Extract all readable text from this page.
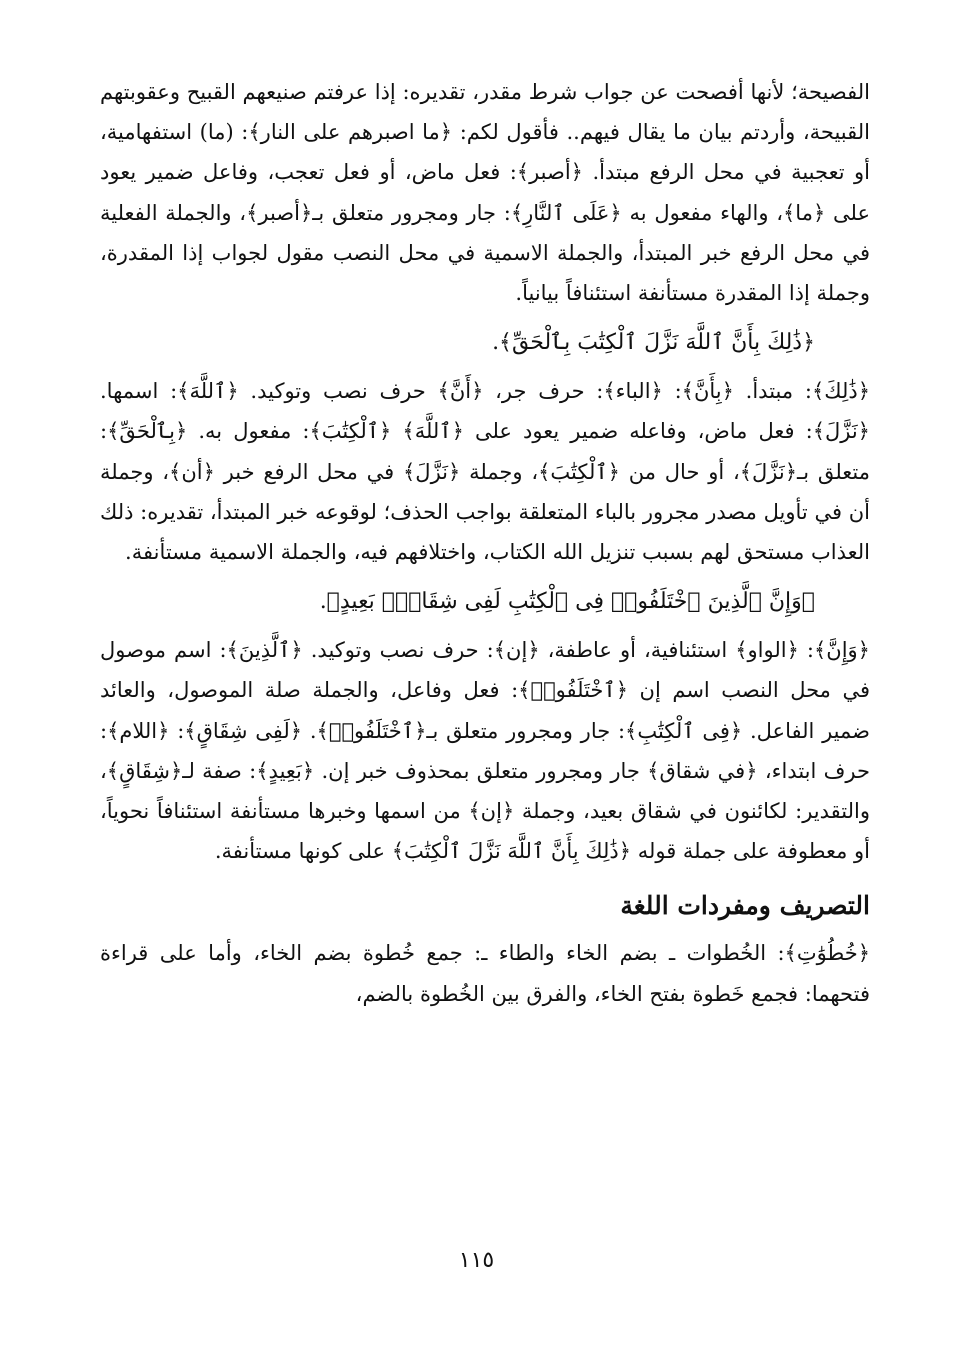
الفصيحة؛ لأنها أفصحت عن جواب شرط مقدر، تقديره: إذا عرفتم صنيعهم القبيح وعقوبتهم القبيحة، وأردتم بيان ما يقال فيهم.. فأقول لكم: ﴿ما اصبرهم على النار﴾: (ما) استفهامية، أو تعجبية في محل الرفع مبتدأ. ﴿أصبر﴾: فعل ماض، أو فعل تعجب، وفاعل ضمير يعود على ﴿ما﴾، والهاء مفعول به ﴿عَلَى ٱلنَّارِ﴾: جار ومجرور متعلق بـ﴿أصبر﴾، والجملة الفعلية في محل الرفع خبر المبتدأ، والجملة الاسمية في محل النصب مقول لجواب إذا المقدرة، وجملة إذا المقدرة مستأنفة استئنافاً بيانياً.

﴿ذَٰلِكَ بِأَنَّ ٱللَّهَ نَزَّلَ ٱلْكِتَٰبَ بِٱلْحَقِّ﴾.

﴿ذَٰلِكَ﴾: مبتدأ. ﴿بِأَنَّ﴾: ﴿الباء﴾: حرف جر، ﴿أَنَّ﴾ حرف نصب وتوكيد. ﴿ٱللَّهَ﴾: اسمها. ﴿نَزَّلَ﴾: فعل ماض، وفاعله ضمير يعود على ﴿ٱللَّهَ﴾ ﴿ٱلْكِتَٰبَ﴾: مفعول به. ﴿بِٱلْحَقِّ﴾: متعلق بـ﴿نَزَّلَ﴾، أو حال من ﴿ٱلْكِتَٰبَ﴾، وجملة ﴿نَزَّلَ﴾ في محل الرفع خبر ﴿أن﴾، وجملة أن في تأويل مصدر مجرور بالباء المتعلقة بواجب الحذف؛ لوقوعه خبر المبتدأ، تقديره: ذلك العذاب مستحق لهم بسبب تنزيل الله الكتاب، واختلافهم فيه، والجملة الاسمية مستأنفة.

﴿وَإِنَّ ٱلَّذِينَ ٱخْتَلَفُوا۟ فِى ٱلْكِتَٰبِ لَفِى شِقَاقٍۭ بَعِيدٍ﴾.

﴿وَإِنَّ﴾: ﴿الواو﴾ استئنافية، أو عاطفة، ﴿إن﴾: حرف نصب وتوكيد. ﴿ٱلَّذِينَ﴾: اسم موصول في محل النصب اسم إن ﴿ٱخْتَلَفُوا۟﴾: فعل وفاعل، والجملة صلة الموصول، والعائد ضمير الفاعل. ﴿فِى ٱلْكِتَٰبِ﴾: جار ومجرور متعلق بـ﴿ٱخْتَلَفُوا۟﴾. ﴿لَفِى شِقَاقٍ﴾: ﴿اللام﴾: حرف ابتداء، ﴿في شقاق﴾ جار ومجرور متعلق بمحذوف خبر إن. ﴿بَعِيدٍ﴾: صفة لـ﴿شِقَاقٍ﴾، والتقدير: لكائنون في شقاق بعيد، وجملة ﴿إن﴾ من اسمها وخبرها مستأنفة استئنافاً نحوياً، أو معطوفة على جملة قوله ﴿ذَٰلِكَ بِأَنَّ ٱللَّهَ نَزَّلَ ٱلْكِتَٰبَ﴾ على كونها مستأنفة.

التصريف ومفردات اللغة

﴿خُطُوَٰتِ﴾: الخُطوات ـ بضم الخاء والطاء ـ: جمع خُطوة بضم الخاء، وأما على قراءة فتحهما: فجمع خَطوة بفتح الخاء، والفرق بين الخُطوة بالضم،

١١٥
